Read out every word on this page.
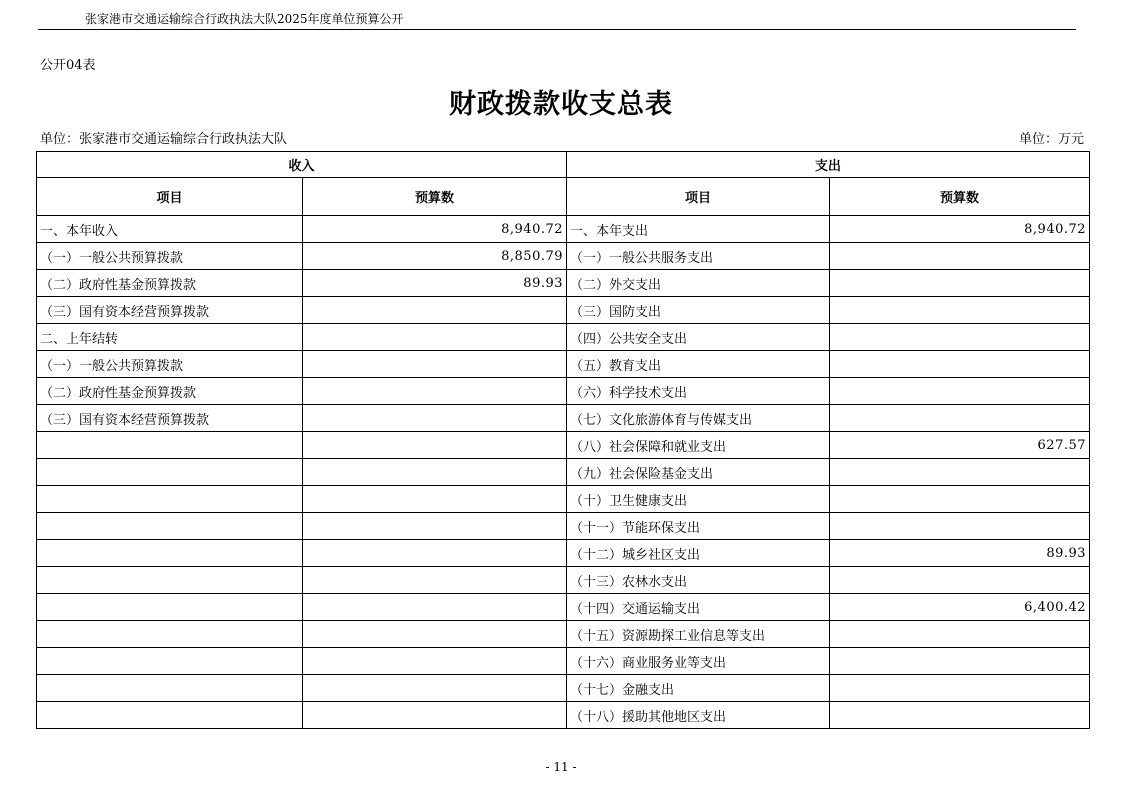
张家港市交通运输综合行政执法大队2025年度单位预算公开
公开04表
财政拨款收支总表
单位：张家港市交通运输综合行政执法大队	单位：万元
收入		支出	
项目	预算数	项目	预算数
一、本年收入	8,940.72	一、本年支出	8,940.72
（一）一般公共预算拨款	8,850.79	（一）一般公共服务支出	
（二）政府性基金预算拨款	89.93	（二）外交支出	
（三）国有资本经营预算拨款		（三）国防支出	
二、上年结转		（四）公共安全支出	
（一）一般公共预算拨款		（五）教育支出	
（二）政府性基金预算拨款		（六）科学技术支出	
（三）国有资本经营预算拨款		（七）文化旅游体育与传媒支出	
		（八）社会保障和就业支出	627.57
		（九）社会保险基金支出	
		（十）卫生健康支出	
		（十一）节能环保支出	
		（十二）城乡社区支出	89.93
		（十三）农林水支出	
		（十四）交通运输支出	6,400.42
		（十五）资源勘探工业信息等支出	
		（十六）商业服务业等支出	
		（十七）金融支出	
		（十八）援助其他地区支出	
- 11 -
